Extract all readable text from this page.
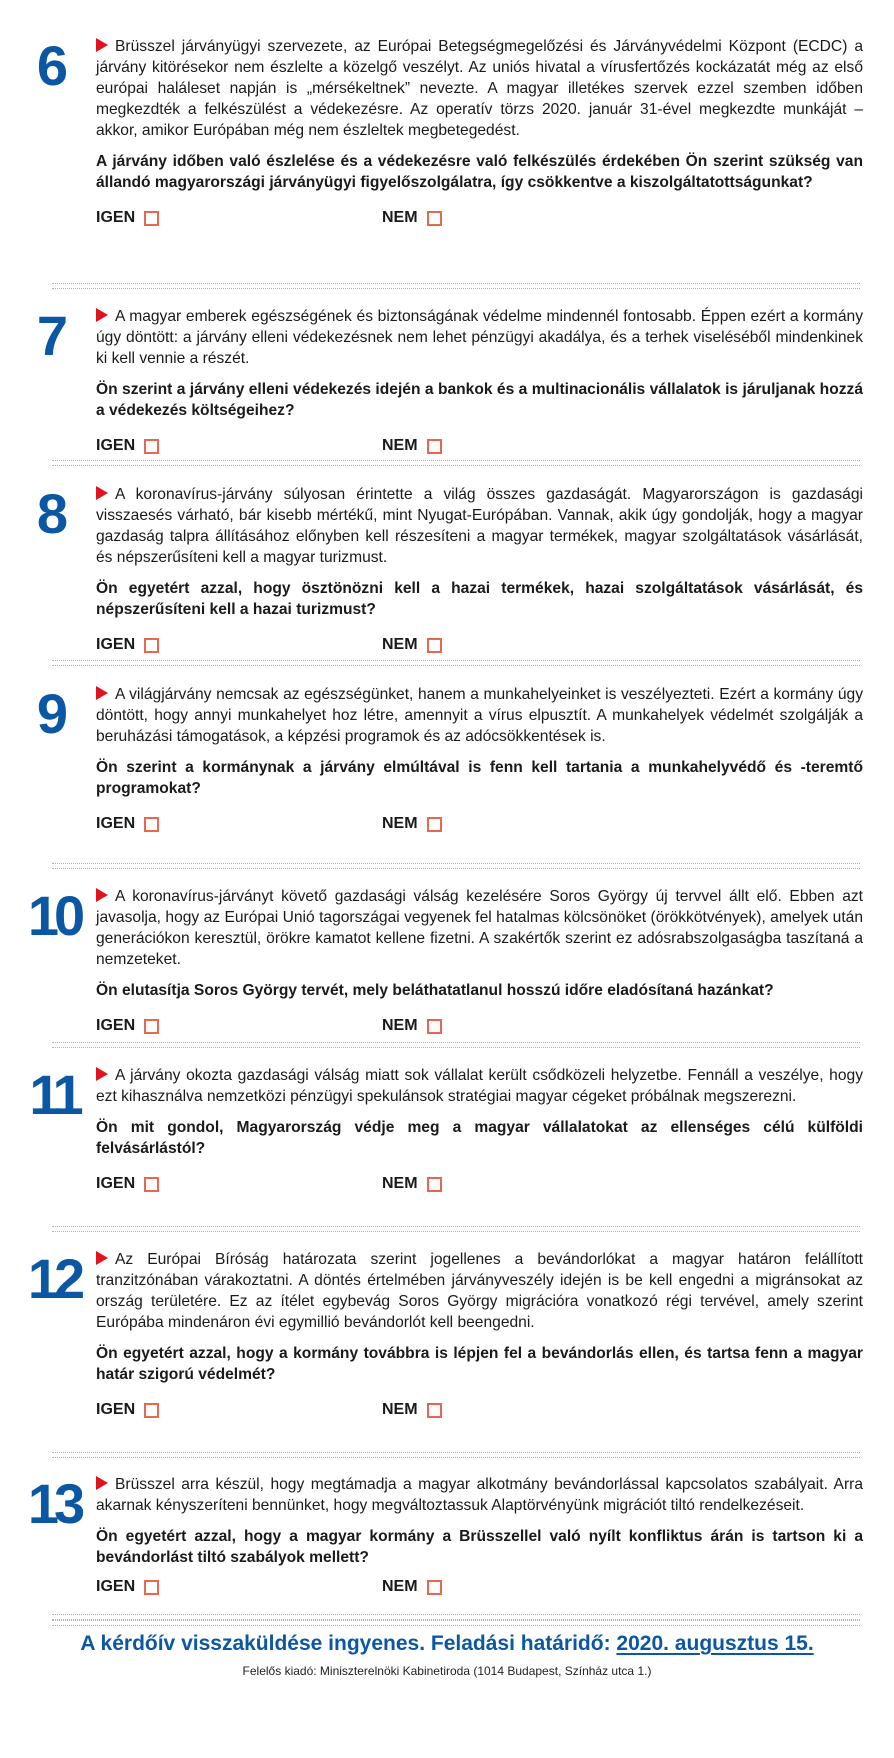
6	Brüsszel járványügyi szervezete, az Európai Betegségmegelőzési és Járványvédelmi Központ (ECDC) a járvány kitörésekor nem észlelte a közelgő veszélyt. Az uniós hivatal a vírusfertőzés kockázatát még az első európai haláleset napján is „mérsékeltnek” nevezte. A magyar illetékes szervek ezzel szemben időben megkezdték a felkészülést a védekezésre. Az operatív törzs 2020. január 31-ével megkezdte munkáját – akkor, amikor Európában még nem észleltek megbetegedést.

A járvány időben való észlelése és a védekezésre való felkészülés érdekében Ön szerint szükség van állandó magyarországi járványügyi figyelőszolgálatra, így csökkentve a kiszolgáltatottságunkat?

IGEN	NEM
7	A magyar emberek egészségének és biztonságának védelme mindennél fontosabb. Éppen ezért a kormány úgy döntött: a járvány elleni védekezésnek nem lehet pénzügyi akadálya, és a terhek viseléséből mindenkinek ki kell vennie a részét.

Ön szerint a járvány elleni védekezés idején a bankok és a multinacionális vállalatok is járuljanak hozzá a védekezés költségeihez?

IGEN	NEM
8	A koronavírus-járvány súlyosan érintette a világ összes gazdaságát. Magyarországon is gazdasági visszaesés várható, bár kisebb mértékű, mint Nyugat-Európában. Vannak, akik úgy gondolják, hogy a magyar gazdaság talpra állításához előnyben kell részesíteni a magyar termékek, magyar szolgáltatások vásárlását, és népszerűsíteni kell a magyar turizmust.

Ön egyetért azzal, hogy ösztönözni kell a hazai termékek, hazai szolgáltatások vásárlását, és népszerűsíteni kell a hazai turizmust?

IGEN	NEM
9	A világjárvány nemcsak az egészségünket, hanem a munkahelyeinket is veszélyezteti. Ezért a kormány úgy döntött, hogy annyi munkahelyet hoz létre, amennyit a vírus elpusztít. A munkahelyek védelmét szolgálják a beruházási támogatások, a képzési programok és az adócsökkentések is.

Ön szerint a kormánynak a járvány elmúltával is fenn kell tartania a munkahelyvédő és -teremtő programokat?

IGEN	NEM
10	A koronavírus-járványt követő gazdasági válság kezelésére Soros György új tervvel állt elő. Ebben azt javasolja, hogy az Európai Unió tagországai vegyenek fel hatalmas kölcsönöket (örökkötvények), amelyek után generációkon keresztül, örökre kamatot kellene fizetni. A szakértők szerint ez adósrabszolgaságba taszítaná a nemzeteket.

Ön elutasítja Soros György tervét, mely beláthatatlanul hosszú időre eladósítaná hazánkat?

IGEN	NEM
11	A járvány okozta gazdasági válság miatt sok vállalat került csődközeli helyzetbe. Fennáll a veszélye, hogy ezt kihasználva nemzetközi pénzügyi spekulánsok stratégiai magyar cégeket próbálnak megszerezni.

Ön mit gondol, Magyarország védje meg a magyar vállalatokat az ellenséges célú külföldi felvásárlástól?

IGEN	NEM
12	Az Európai Bíróság határozata szerint jogellenes a bevándorlókat a magyar határon felállított tranzitzónában várakoztatni. A döntés értelmében járványveszély idején is be kell engedni a migránsokat az ország területére. Ez az ítélet egybevág Soros György migrációra vonatkozó régi tervével, amely szerint Európába mindenáron évi egymillió bevándorlót kell beengedni.

Ön egyetért azzal, hogy a kormány továbbra is lépjen fel a bevándorlás ellen, és tartsa fenn a magyar határ szigorú védelmét?

IGEN	NEM
13	Brüsszel arra készül, hogy megtámadja a magyar alkotmány bevándorlással kapcsolatos szabályait. Arra akarnak kényszeríteni bennünket, hogy megváltoztassuk Alaptörvényünk migrációt tiltó rendelkezéseit.

Ön egyetért azzal, hogy a magyar kormány a Brüsszellel való nyílt konfliktus árán is tartson ki a bevándorlást tiltó szabályok mellett?

IGEN	NEM
A kérdőív visszaküldése ingyenes. Feladási határidő: 2020. augusztus 15.
Felelős kiadó: Miniszterelnöki Kabinetiroda (1014 Budapest, Színház utca 1.)
